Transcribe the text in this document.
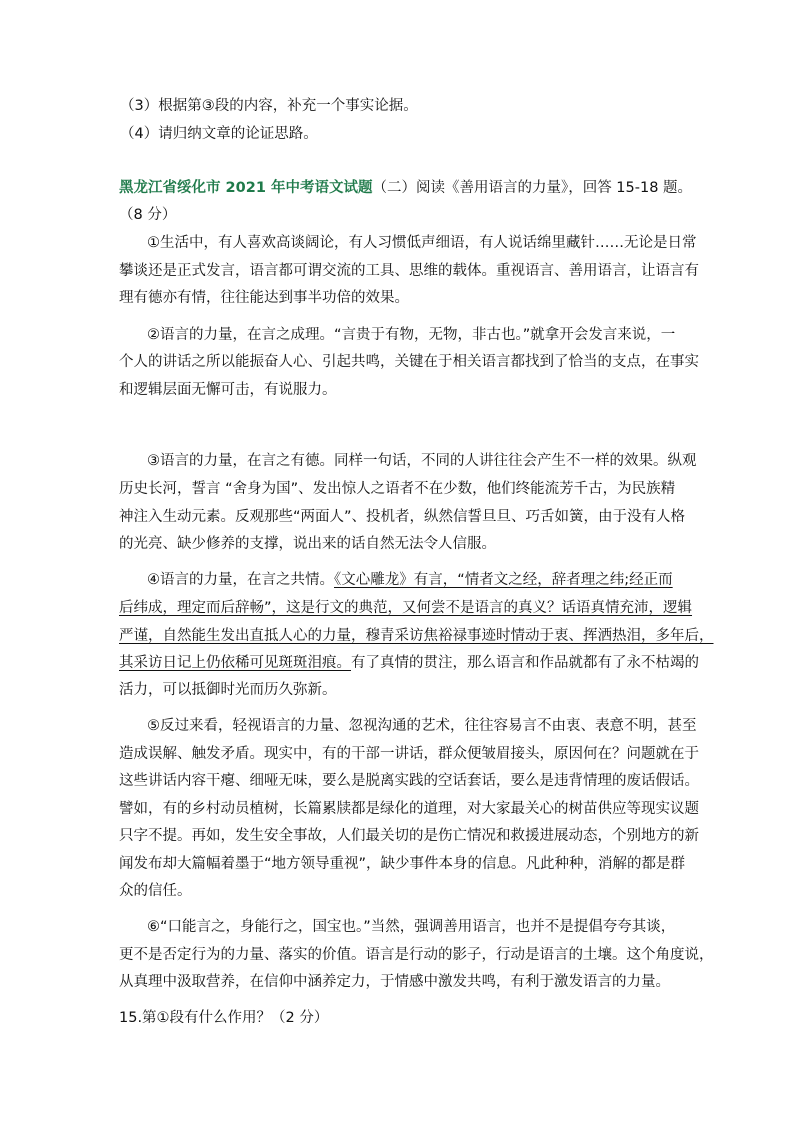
（3）根据第③段的内容，补充一个事实论据。
（4）请归纳文章的论证思路。
黑龙江省绥化市 2021 年中考语文试题（二）阅读《善用语言的力量》，回答 15-18 题。
（8 分）
①生活中，有人喜欢高谈阔论，有人习惯低声细语，有人说话绵里藏针……无论是日常
攀谈还是正式发言，语言都可谓交流的工具、思维的载体。重视语言、善用语言，让语言有
理有德亦有情，往往能达到事半功倍的效果。
②语言的力量，在言之成理。“言贵于有物，无物，非古也。”就拿开会发言来说，一
个人的讲话之所以能振奋人心、引起共鸣，关键在于相关语言都找到了恰当的支点，在事实
和逻辑层面无懈可击，有说服力。
③语言的力量，在言之有德。同样一句话，不同的人讲往往会产生不一样的效果。纵观
历史长河，誓言 “舍身为国”、发出惊人之语者不在少数，他们终能流芳千古，为民族精
神注入生动元素。反观那些“两面人”、投机者，纵然信誓旦旦、巧舌如簧，由于没有人格
的光亮、缺少修养的支撑，说出来的话自然无法令人信服。
④语言的力量，在言之共情。《文心雕龙》有言，“情者文之经，辞者理之纬;经正而
后纬成，理定而后辞畅”，这是行文的典范，又何尝不是语言的真义？话语真情充沛，逻辑
严谨，自然能生发出直抵人心的力量，穆青采访焦裕禄事迹时情动于衷、挥洒热泪，多年后，
其采访日记上仍依稀可见斑斑泪痕。有了真情的贯注，那么语言和作品就都有了永不枯竭的
活力，可以抵御时光而历久弥新。
⑤反过来看，轻视语言的力量、忽视沟通的艺术，往往容易言不由衷、表意不明，甚至
造成误解、触发矛盾。现实中，有的干部一讲话，群众便皱眉接头，原因何在？问题就在于
这些讲话内容干瘪、细哑无味，要么是脱离实践的空话套话，要么是违背情理的废话假话。
譬如，有的乡村动员植树，长篇累牍都是绿化的道理，对大家最关心的树苗供应等现实议题
只字不提。再如，发生安全事故，人们最关切的是伤亡情况和救援进展动态，个别地方的新
闻发布却大篇幅着墨于“地方领导重视”，缺少事件本身的信息。凡此种种，消解的都是群
众的信任。
⑥“口能言之，身能行之，国宝也。”当然，强调善用语言，也并不是提倡夸夸其谈，
更不是否定行为的力量、落实的价值。语言是行动的影子，行动是语言的土壤。这个角度说，
从真理中汲取营养，在信仰中涵养定力，于情感中激发共鸣，有利于激发语言的力量。
15.第①段有什么作用？（2 分）
